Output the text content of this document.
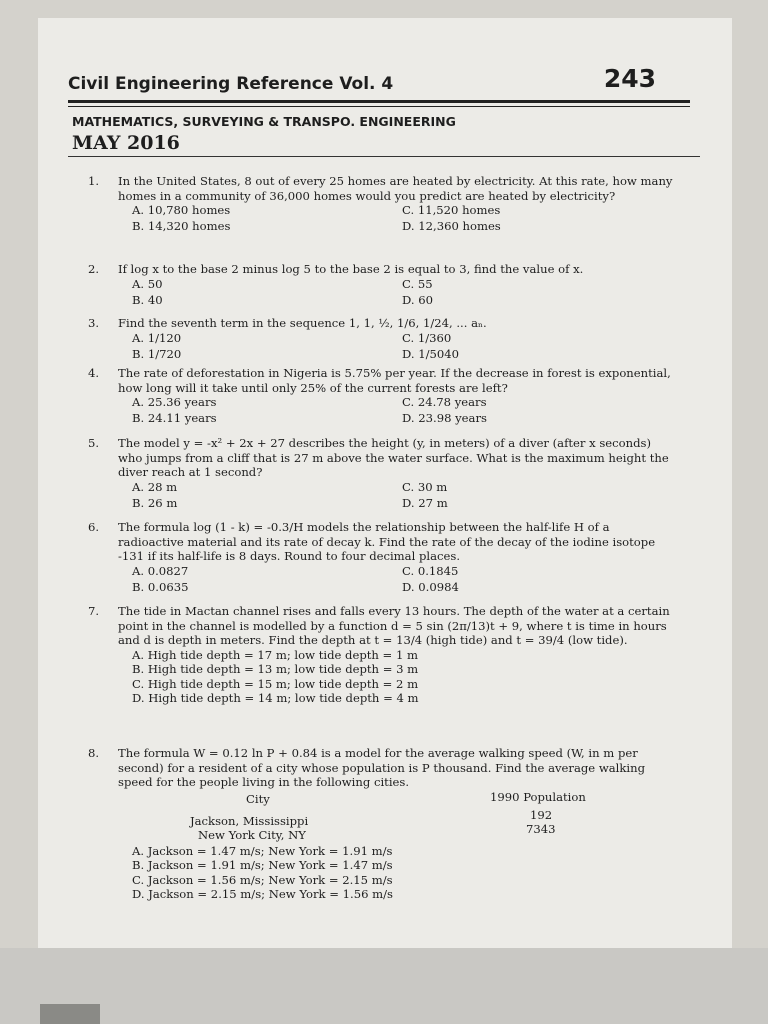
Civil Engineering Reference Vol. 4	243
MATHEMATICS, SURVEYING & TRANSPO. ENGINEERING
MAY 2016
1. In the United States, 8 out of every 25 homes are heated by electricity. At this rate, how many homes in a community of 36,000 homes would you predict are heated by electricity?
A. 10,780 homes	C. 11,520 homes
B. 14,320 homes	D. 12,360 homes
2. If log x to the base 2 minus log 5 to the base 2 is equal to 3, find the value of x.
A. 50	C. 55
B. 40	D. 60
3. Find the seventh term in the sequence 1, 1, ½, 1/6, 1/24, ... aₙ.
A. 1/120	C. 1/360
B. 1/720	D. 1/5040
4. The rate of deforestation in Nigeria is 5.75% per year. If the decrease in forest is exponential, how long will it take until only 25% of the current forests are left?
A. 25.36 years	C. 24.78 years
B. 24.11 years	D. 23.98 years
5. The model y = -x² + 2x + 27 describes the height (y, in meters) of a diver (after x seconds) who jumps from a cliff that is 27 m above the water surface. What is the maximum height the diver reach at 1 second?
A. 28 m	C. 30 m
B. 26 m	D. 27 m
6. The formula log (1 - k) = -0.3/H models the relationship between the half-life H of a radioactive material and its rate of decay k. Find the rate of the decay of the iodine isotope -131 if its half-life is 8 days. Round to four decimal places.
A. 0.0827	C. 0.1845
B. 0.0635	D. 0.0984
7. The tide in Mactan channel rises and falls every 13 hours. The depth of the water at a certain point in the channel is modelled by a function d = 5 sin (2π/13)t + 9, where t is time in hours and d is depth in meters. Find the depth at t = 13/4 (high tide) and t = 39/4 (low tide).
A. High tide depth = 17 m; low tide depth = 1 m
B. High tide depth = 13 m; low tide depth = 3 m
C. High tide depth = 15 m; low tide depth = 2 m
D. High tide depth = 14 m; low tide depth = 4 m
8. The formula W = 0.12 ln P + 0.84 is a model for the average walking speed (W, in m per second) for a resident of a city whose population is P thousand. Find the average walking speed for the people living in the following cities.
City	1990 Population
Jackson, Mississippi	192
New York City, NY	7343
A. Jackson = 1.47 m/s; New York = 1.91 m/s
B. Jackson = 1.91 m/s; New York = 1.47 m/s
C. Jackson = 1.56 m/s; New York = 2.15 m/s
D. Jackson = 2.15 m/s; New York = 1.56 m/s
